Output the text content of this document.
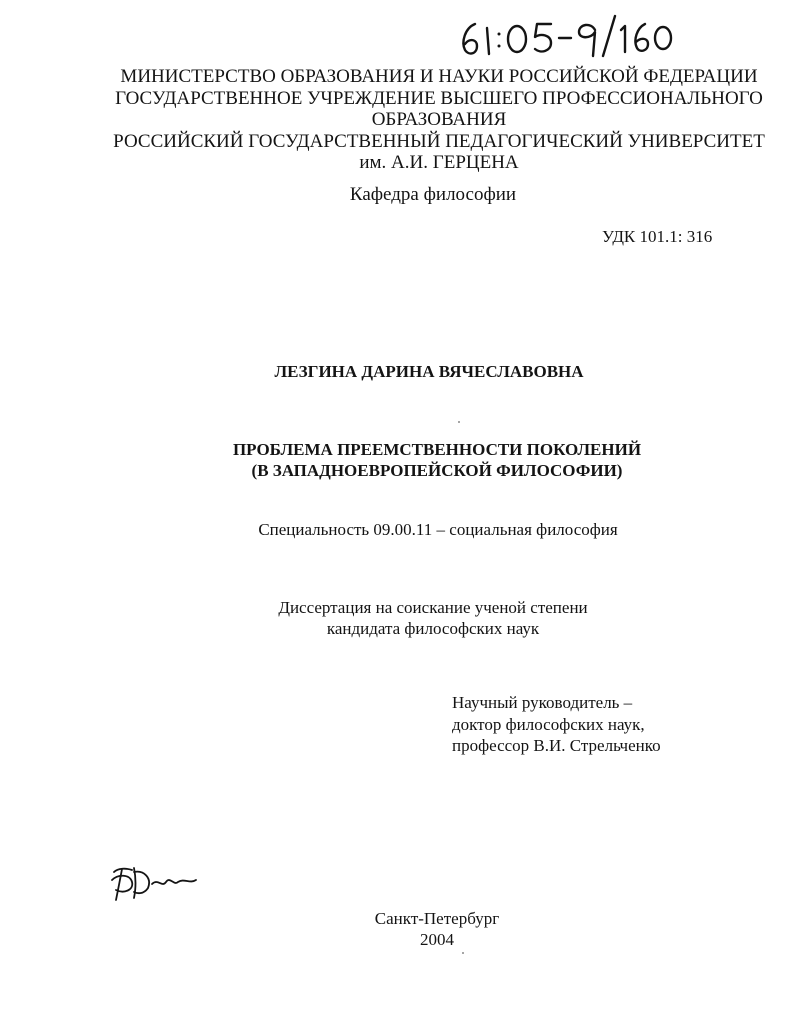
МИНИСТЕРСТВО ОБРАЗОВАНИЯ И НАУКИ РОССИЙСКОЙ ФЕДЕРАЦИИ
ГОСУДАРСТВЕННОЕ УЧРЕЖДЕНИЕ ВЫСШЕГО ПРОФЕССИОНАЛЬНОГО
ОБРАЗОВАНИЯ
РОССИЙСКИЙ ГОСУДАРСТВЕННЫЙ ПЕДАГОГИЧЕСКИЙ УНИВЕРСИТЕТ
им. А.И. ГЕРЦЕНА
Кафедра философии
УДК 101.1: 316
ЛЕЗГИНА ДАРИНА ВЯЧЕСЛАВОВНА
ПРОБЛЕМА ПРЕЕМСТВЕННОСТИ ПОКОЛЕНИЙ
(В ЗАПАДНОЕВРОПЕЙСКОЙ ФИЛОСОФИИ)
Специальность 09.00.11 – социальная философия
Диссертация на соискание ученой степени
кандидата философских наук
Научный руководитель –
доктор философских наук,
профессор В.И. Стрельченко
Санкт-Петербург
2004
